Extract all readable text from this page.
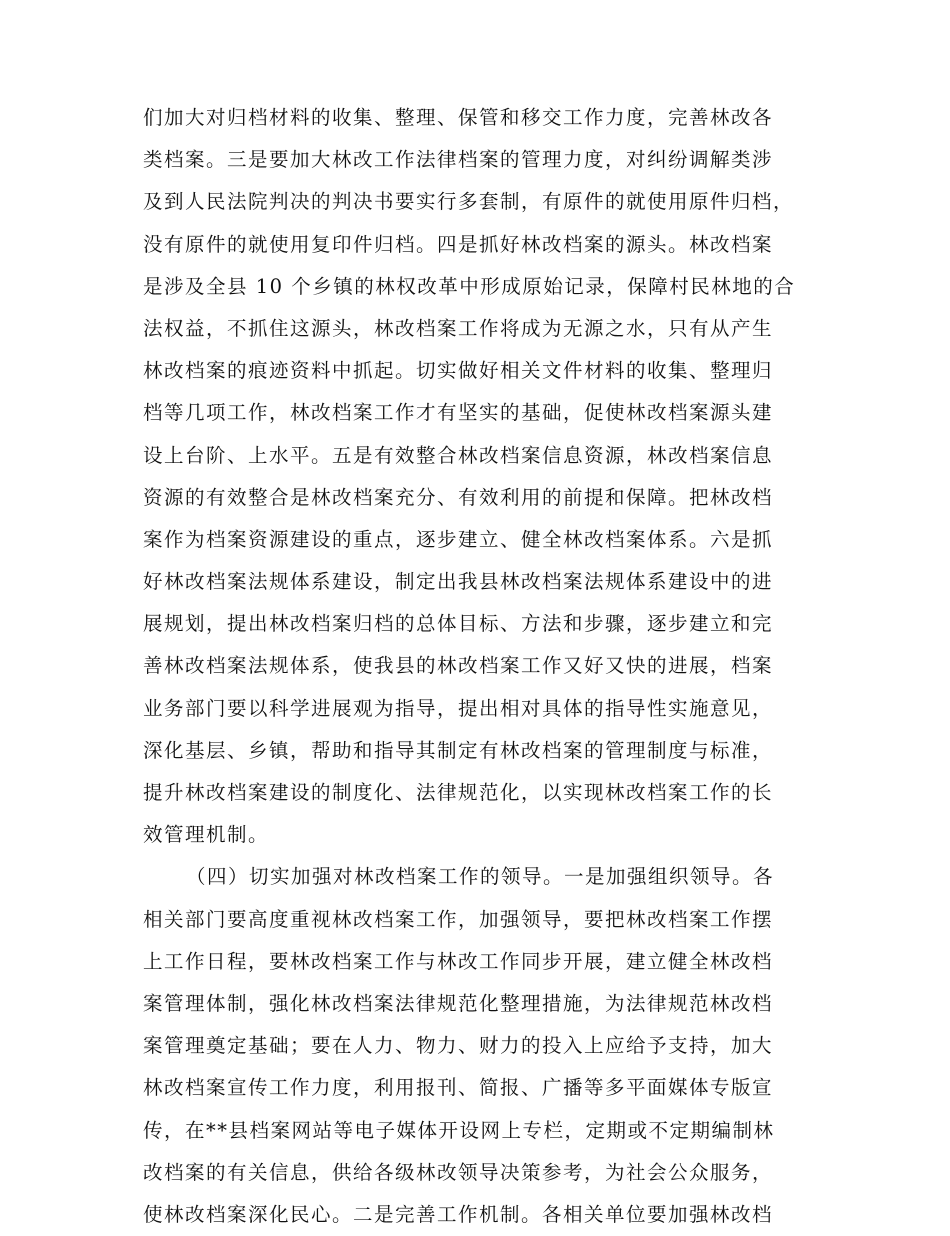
们加大对归档材料的收集、整理、保管和移交工作力度，完善林改各
类档案。三是要加大林改工作法律档案的管理力度，对纠纷调解类涉
及到人民法院判决的判决书要实行多套制，有原件的就使用原件归档，
没有原件的就使用复印件归档。四是抓好林改档案的源头。林改档案
是涉及全县 10 个乡镇的林权改革中形成原始记录，保障村民林地的合
法权益，不抓住这源头，林改档案工作将成为无源之水，只有从产生
林改档案的痕迹资料中抓起。切实做好相关文件材料的收集、整理归
档等几项工作，林改档案工作才有坚实的基础，促使林改档案源头建
设上台阶、上水平。五是有效整合林改档案信息资源，林改档案信息
资源的有效整合是林改档案充分、有效利用的前提和保障。把林改档
案作为档案资源建设的重点，逐步建立、健全林改档案体系。六是抓
好林改档案法规体系建设，制定出我县林改档案法规体系建设中的进
展规划，提出林改档案归档的总体目标、方法和步骤，逐步建立和完
善林改档案法规体系，使我县的林改档案工作又好又快的进展，档案
业务部门要以科学进展观为指导，提出相对具体的指导性实施意见，
深化基层、乡镇，帮助和指导其制定有林改档案的管理制度与标准，
提升林改档案建设的制度化、法律规范化，以实现林改档案工作的长
效管理机制。
（四）切实加强对林改档案工作的领导。一是加强组织领导。各
相关部门要高度重视林改档案工作，加强领导，要把林改档案工作摆
上工作日程，要林改档案工作与林改工作同步开展，建立健全林改档
案管理体制，强化林改档案法律规范化整理措施，为法律规范林改档
案管理奠定基础；要在人力、物力、财力的投入上应给予支持，加大
林改档案宣传工作力度，利用报刊、简报、广播等多平面媒体专版宣
传，在**县档案网站等电子媒体开设网上专栏，定期或不定期编制林
改档案的有关信息，供给各级林改领导决策参考，为社会公众服务，
使林改档案深化民心。二是完善工作机制。各相关单位要加强林改档
